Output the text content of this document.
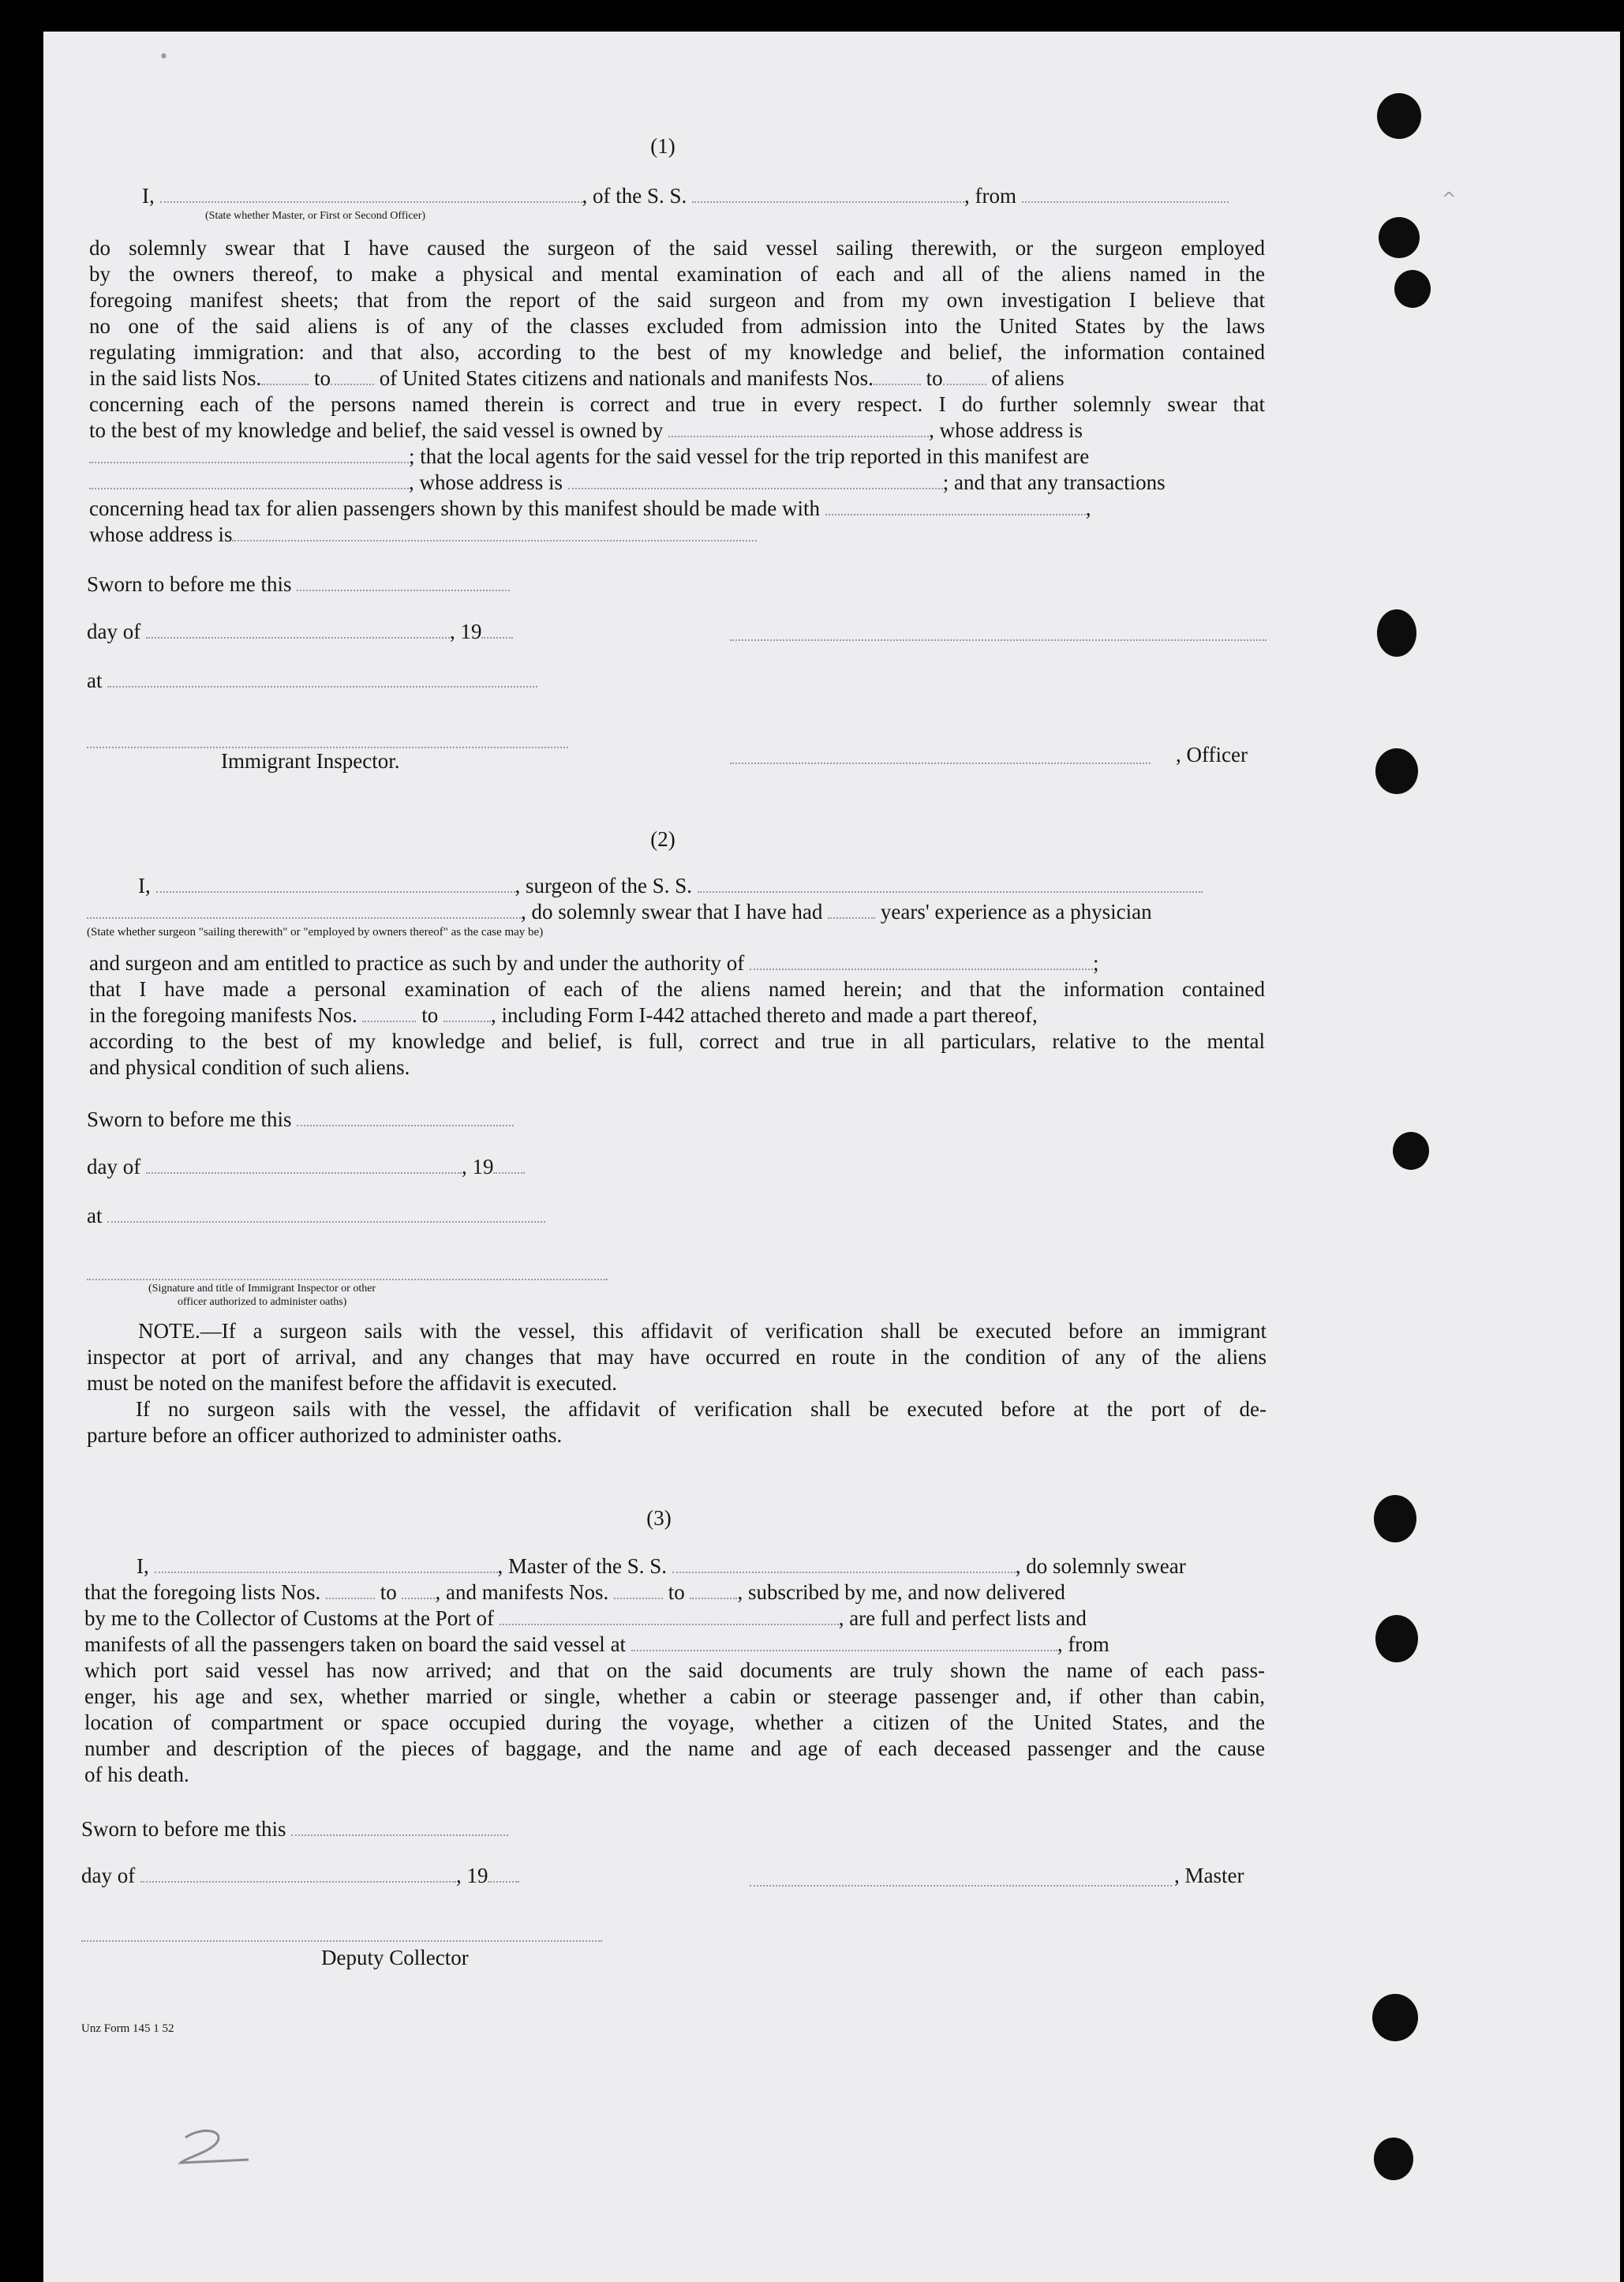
•
^
(1)
I,	, of the S. S.	, from
(State whether Master, or First or Second Officer)
do solemnly swear that I have caused the surgeon of the said vessel sailing therewith, or the surgeon employed
by the owners thereof, to make a physical and mental examination of each and all of the aliens named in the
foregoing manifest sheets; that from the report of the said surgeon and from my own investigation I believe that
no one of the said aliens is of any of the classes excluded from admission into the United States by the laws
regulating immigration: and that also, according to the best of my knowledge and belief, the information contained
in the said lists Nos. to of United States citizens and nationals and manifests Nos. to of aliens
concerning each of the persons named therein is correct and true in every respect. I do further solemnly swear that
to the best of my knowledge and belief, the said vessel is owned by	, whose address is
; that the local agents for the said vessel for the trip reported in this manifest are
, whose address is	; and that any transactions
concerning head tax for alien passengers shown by this manifest should be made with	,
whose address is
Sworn to before me this
day of	, 19
at
Immigrant Inspector.	, Officer
(2)
I,	, surgeon of the S. S.
, do solemnly swear that I have had	years' experience as a physician
(State whether surgeon "sailing therewith" or "employed by owners thereof" as the case may be)
and surgeon and am entitled to practice as such by and under the authority of	;
that I have made a personal examination of each of the aliens named herein; and that the information contained
in the foregoing manifests Nos.	to , including Form I-442 attached thereto and made a part thereof,
according to the best of my knowledge and belief, is full, correct and true in all particulars, relative to the mental
and physical condition of such aliens.
Sworn to before me this
day of	, 19
at
(Signature and title of Immigrant Inspector or other
officer authorized to administer oaths)
NOTE.—If a surgeon sails with the vessel, this affidavit of verification shall be executed before an immigrant
inspector at port of arrival, and any changes that may have occurred en route in the condition of any of the aliens
must be noted on the manifest before the affidavit is executed.
If no surgeon sails with the vessel, the affidavit of verification shall be executed before at the port of de-
parture before an officer authorized to administer oaths.
(3)
I,	, Master of the S. S.	, do solemnly swear
that the foregoing lists Nos.	to , and manifests Nos.	to , subscribed by me, and now delivered
by me to the Collector of Customs at the Port of	, are full and perfect lists and
manifests of all the passengers taken on board the said vessel at	, from
which port said vessel has now arrived; and that on the said documents are truly shown the name of each pass-
enger, his age and sex, whether married or single, whether a cabin or steerage passenger and, if other than cabin,
location of compartment or space occupied during the voyage, whether a citizen of the United States, and the
number and description of the pieces of baggage, and the name and age of each deceased passenger and the cause
of his death.
Sworn to before me this
day of	, 19	, Master
Deputy Collector
Unz Form 145 1 52
